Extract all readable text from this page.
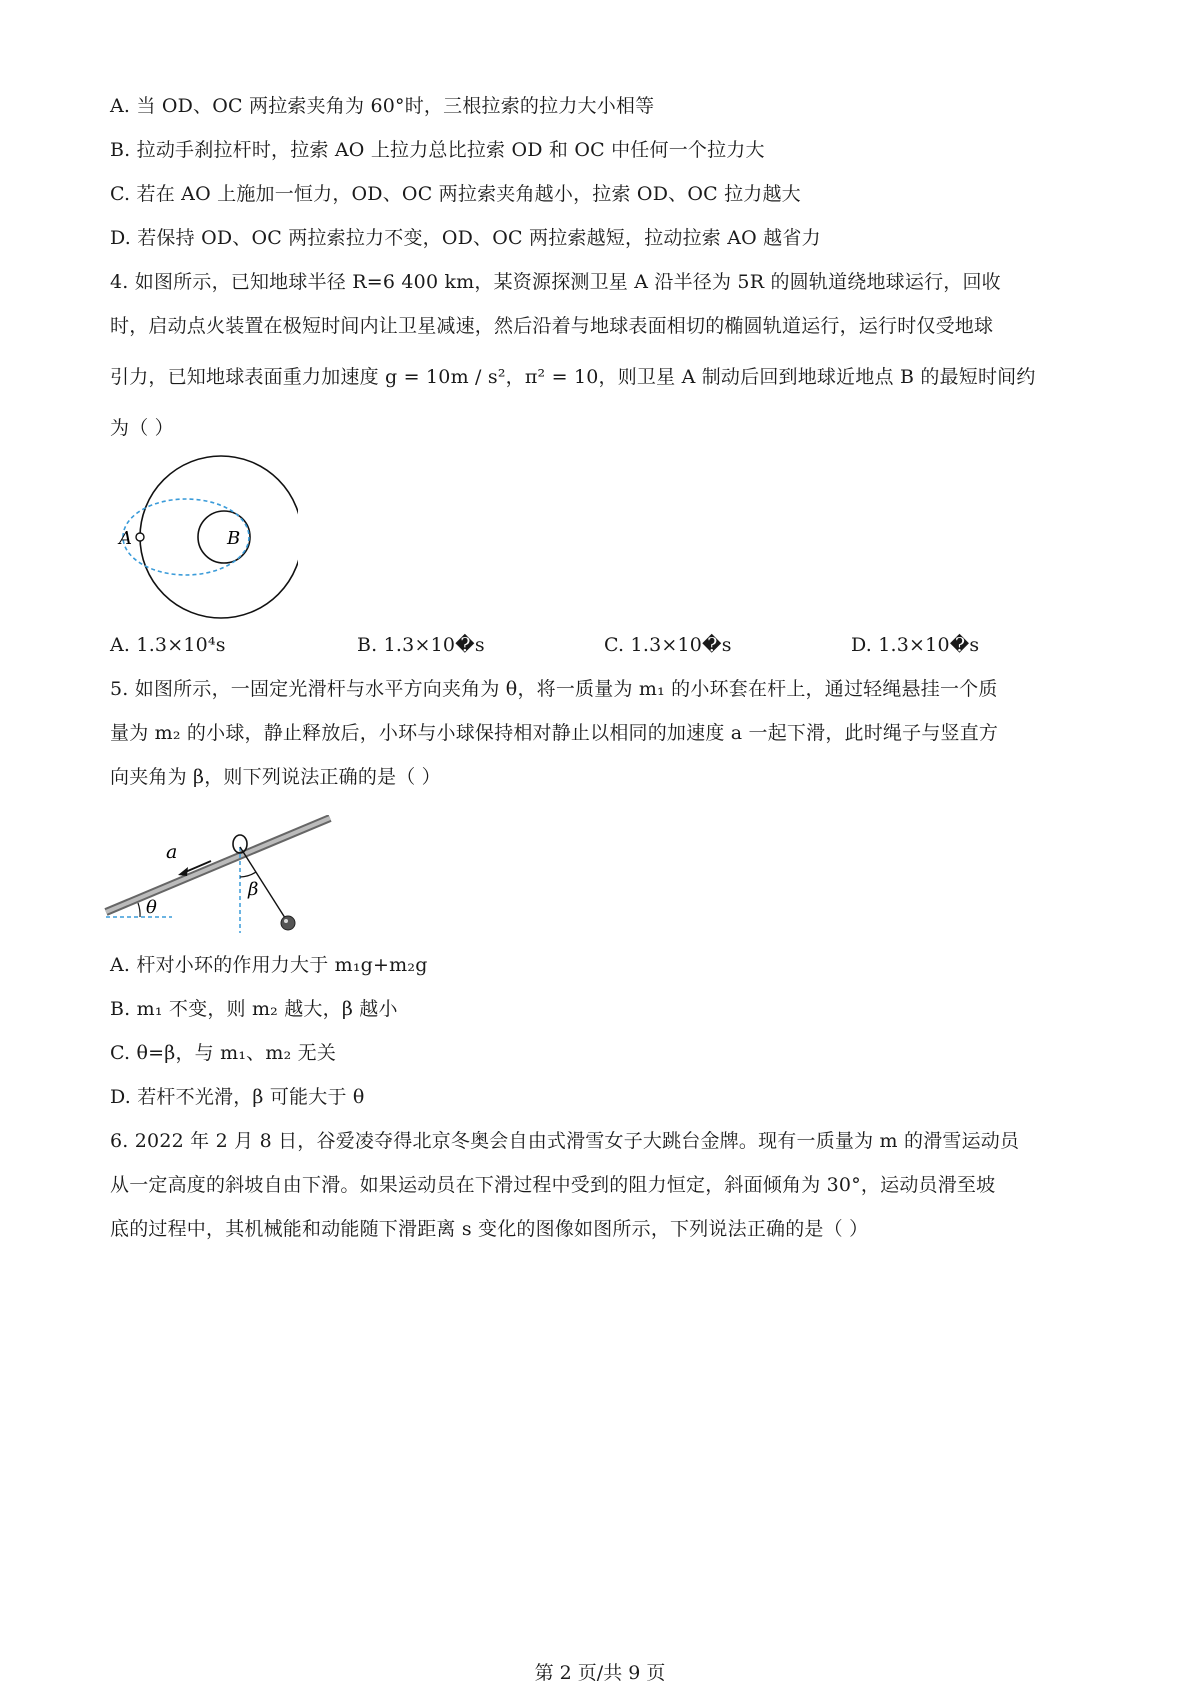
A. 当 OD、OC 两拉索夹角为 60°时，三根拉索的拉力大小相等
B. 拉动手刹拉杆时，拉索 AO 上拉力总比拉索 OD 和 OC 中任何一个拉力大
C. 若在 AO 上施加一恒力，OD、OC 两拉索夹角越小，拉索 OD、OC 拉力越大
D. 若保持 OD、OC 两拉索拉力不变，OD、OC 两拉索越短，拉动拉索 AO 越省力
4. 如图所示，已知地球半径 R=6 400 km，某资源探测卫星 A 沿半径为 5R 的圆轨道绕地球运行，回收
时，启动点火装置在极短时间内让卫星减速，然后沿着与地球表面相切的椭圆轨道运行，运行时仅受地球
引力，已知地球表面重力加速度 g = 10m / s²，π² = 10，则卫星 A 制动后回到地球近地点 B 的最短时间约
为（ ）
A	B
A. 1.3×10⁴s	B. 1.3×10�s	C. 1.3×10�s	D. 1.3×10�s
5. 如图所示，一固定光滑杆与水平方向夹角为 θ，将一质量为 m₁ 的小环套在杆上，通过轻绳悬挂一个质
量为 m₂ 的小球，静止释放后，小环与小球保持相对静止以相同的加速度 a 一起下滑，此时绳子与竖直方
向夹角为 β，则下列说法正确的是（ ）
θ
a
β
A. 杆对小环的作用力大于 m₁g+m₂g
B. m₁ 不变，则 m₂ 越大，β 越小
C. θ=β，与 m₁、m₂ 无关
D. 若杆不光滑，β 可能大于 θ
6. 2022 年 2 月 8 日，谷爱凌夺得北京冬奥会自由式滑雪女子大跳台金牌。现有一质量为 m 的滑雪运动员
从一定高度的斜坡自由下滑。如果运动员在下滑过程中受到的阻力恒定，斜面倾角为 30°，运动员滑至坡
底的过程中，其机械能和动能随下滑距离 s 变化的图像如图所示，下列说法正确的是（ ）
第 2 页/共 9 页
